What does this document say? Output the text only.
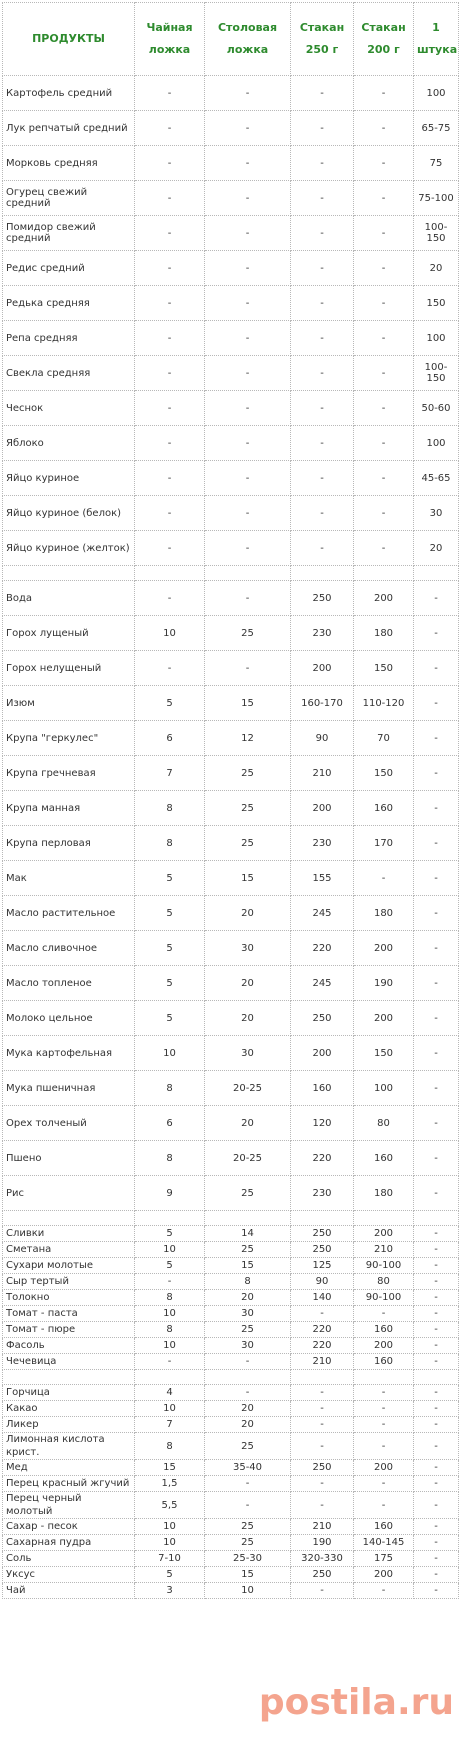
ПРОДУКТЫ	Чайная ложка	Столовая ложка	Стакан 250 г	Стакан 200 г	1 штука
Картофель средний	-	-	-	-	100
Лук репчатый средний	-	-	-	-	65-75
Морковь средняя	-	-	-	-	75
Огурец свежий средний	-	-	-	-	75-100
Помидор свежий средний	-	-	-	-	100-150
Редис средний	-	-	-	-	20
Редька средняя	-	-	-	-	150
Репа средняя	-	-	-	-	100
Свекла средняя	-	-	-	-	100-150
Чеснок	-	-	-	-	50-60
Яблоко	-	-	-	-	100
Яйцо куриное	-	-	-	-	45-65
Яйцо куриное (белок)	-	-	-	-	30
Яйцо куриное (желток)	-	-	-	-	20

Вода	-	-	250	200	-
Горох лущеный	10	25	230	180	-
Горох нелущеный	-	-	200	150	-
Изюм	5	15	160-170	110-120	-
Крупа "геркулес"	6	12	90	70	-
Крупа гречневая	7	25	210	150	-
Крупа манная	8	25	200	160	-
Крупа перловая	8	25	230	170	-
Мак	5	15	155	-	-
Масло растительное	5	20	245	180	-
Масло сливочное	5	30	220	200	-
Масло топленое	5	20	245	190	-
Молоко цельное	5	20	250	200	-
Мука картофельная	10	30	200	150	-
Мука пшеничная	8	20-25	160	100	-
Орех толченый	6	20	120	80	-
Пшено	8	20-25	220	160	-
Рис	9	25	230	180	-

Сливки	5	14	250	200	-
Сметана	10	25	250	210	-
Сухари молотые	5	15	125	90-100	-
Сыр тертый	-	8	90	80	-
Толокно	8	20	140	90-100	-
Томат - паста	10	30	-	-	-
Томат - пюре	8	25	220	160	-
Фасоль	10	30	220	200	-
Чечевица	-	-	210	160	-

Горчица	4	-	-	-	-
Какао	10	20	-	-	-
Ликер	7	20	-	-	-
Лимонная кислота крист.	8	25	-	-	-
Мед	15	35-40	250	200	-
Перец красный жгучий	1,5	-	-	-	-
Перец черный молотый	5,5	-	-	-	-
Сахар - песок	10	25	210	160	-
Сахарная пудра	10	25	190	140-145	-
Соль	7-10	25-30	320-330	175	-
Уксус	5	15	250	200	-
Чай	3	10	-	-	-
postila.ru
